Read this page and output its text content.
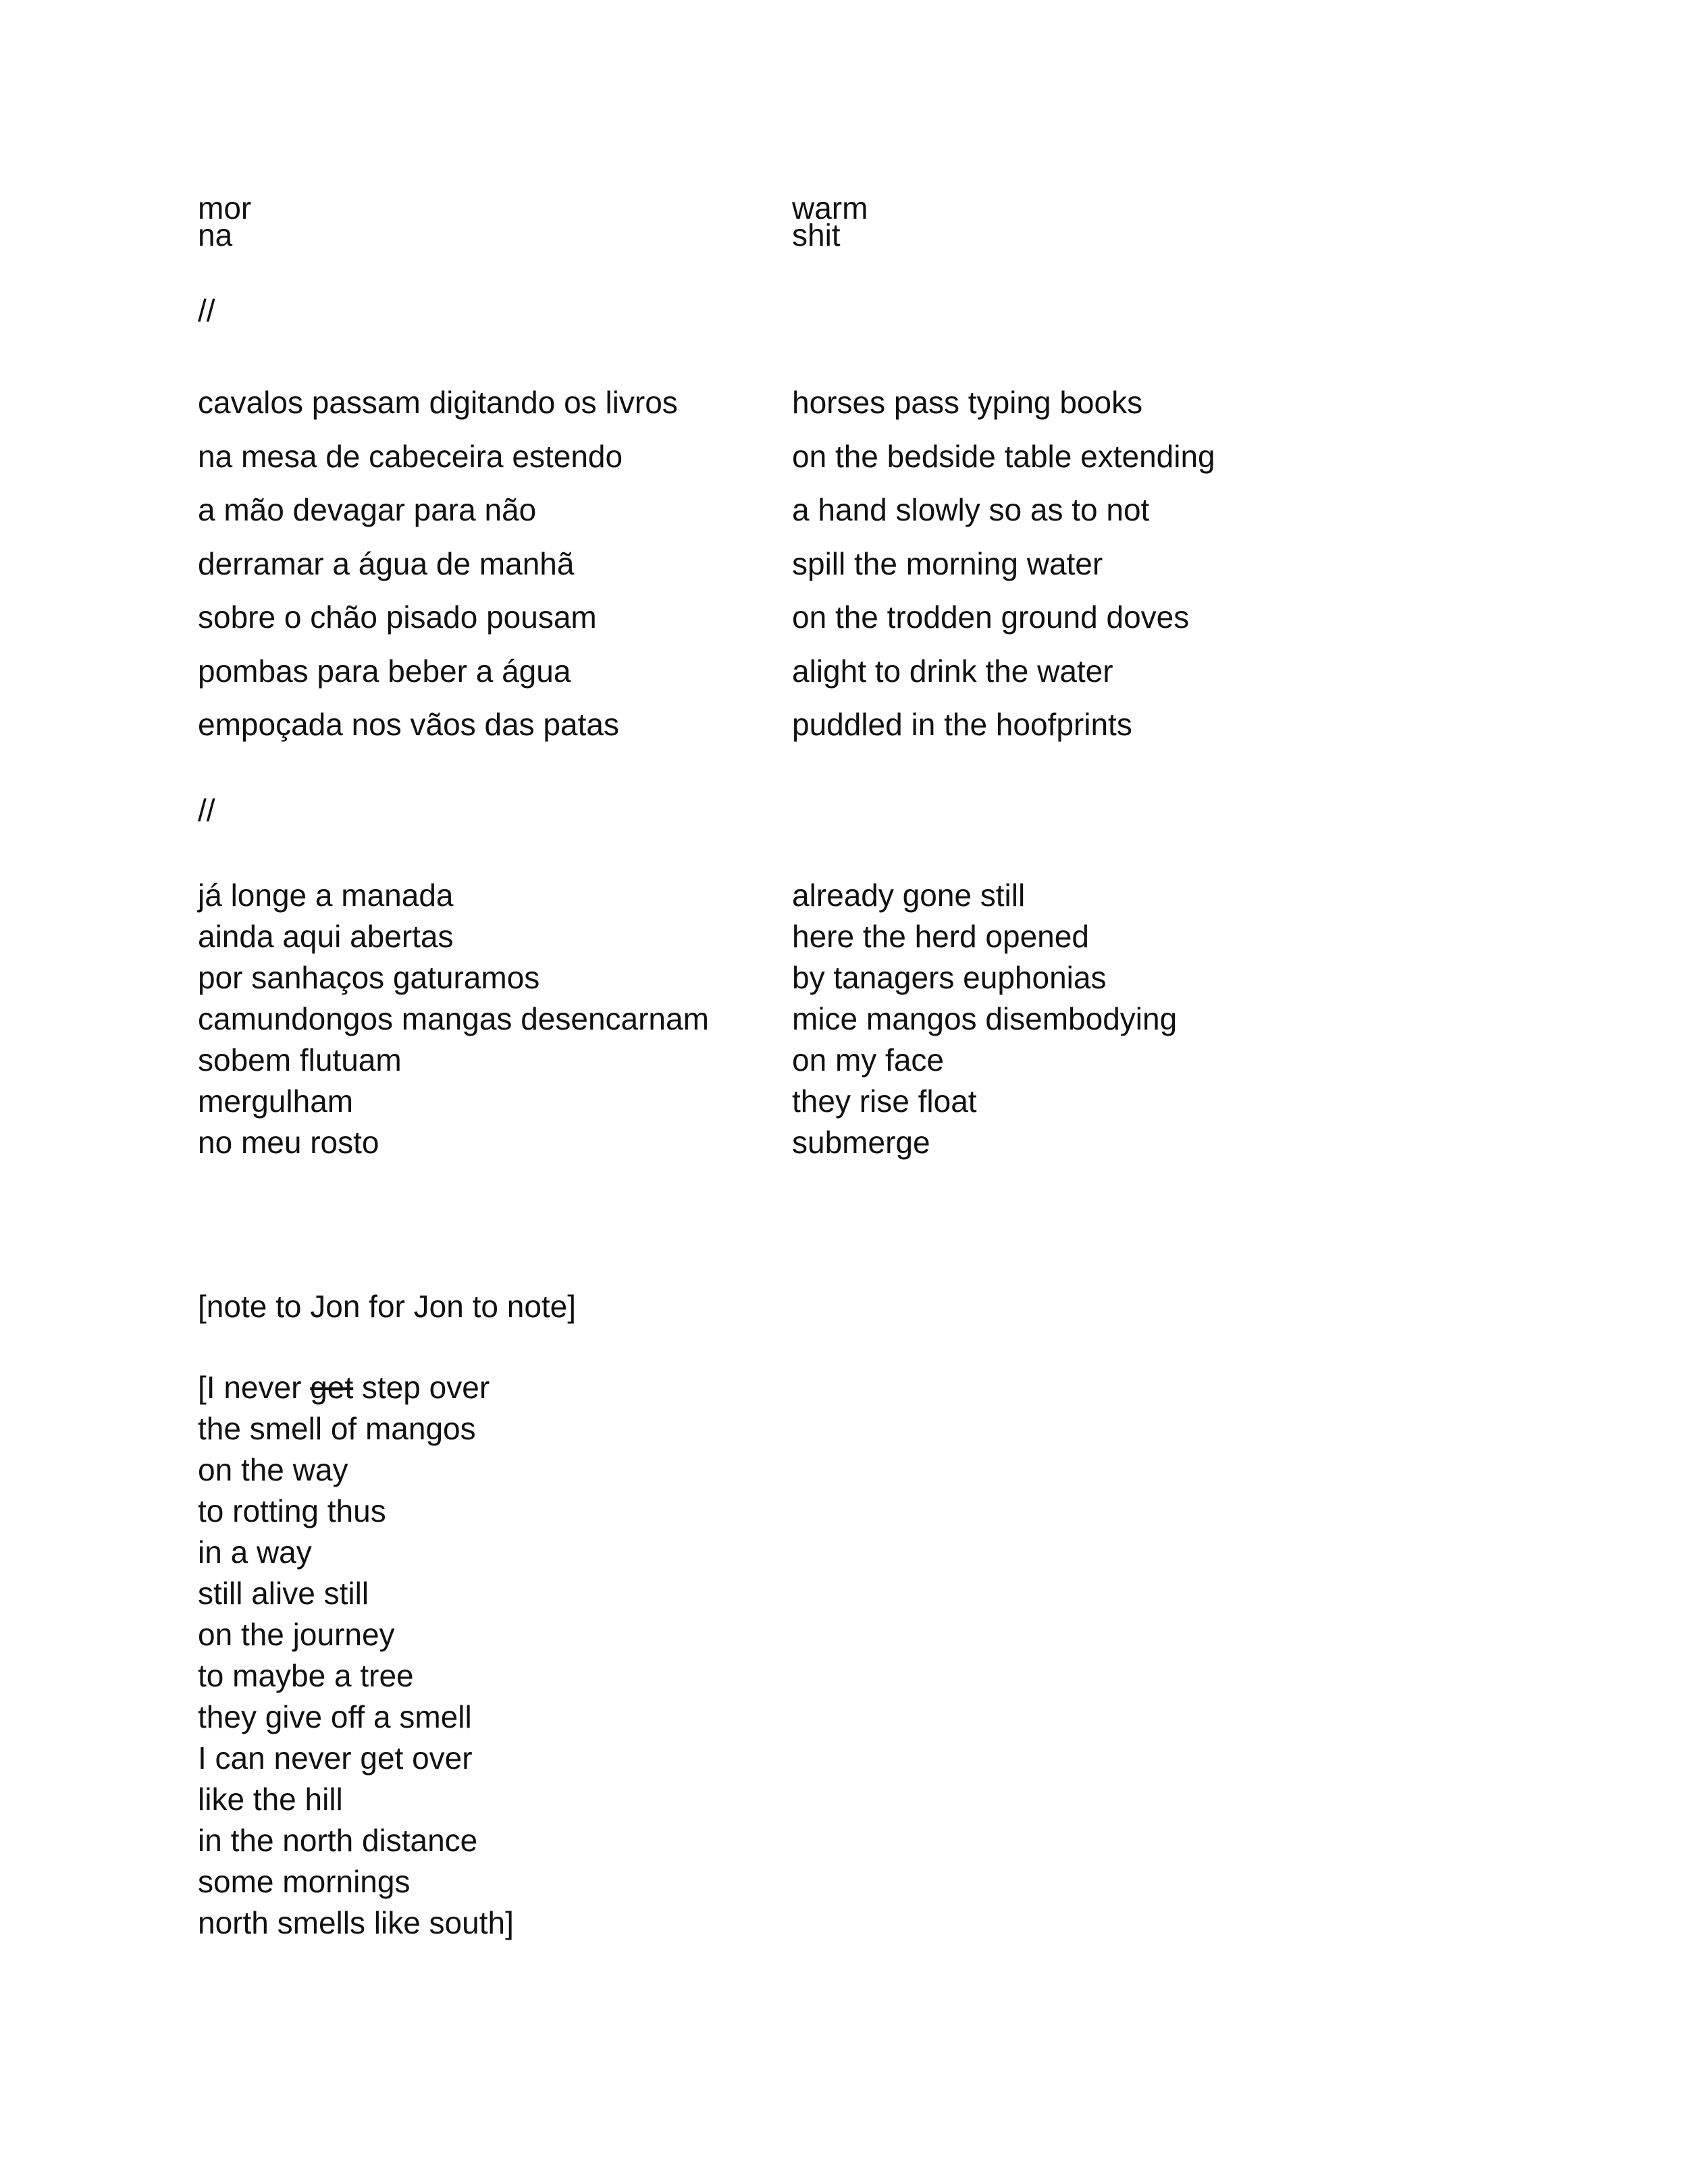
mor
na
warm
shit
//
cavalos passam digitando os livros
na mesa de cabeceira estendo
a mão devagar para não
derramar a água de manhã
sobre o chão pisado pousam
pombas para beber a água
empoçada nos vãos das patas
horses pass typing books
on the bedside table extending
a hand slowly so as to not
spill the morning water
on the trodden ground doves
alight to drink the water
puddled in the hoofprints
//
já longe a manada
ainda aqui abertas
por sanhaços gaturamos
camundongos mangas desencarnam
sobem flutuam
mergulham
no meu rosto
already gone still
here the herd opened
by tanagers euphonias
mice mangos disembodying
on my face
they rise float
submerge
[note to Jon for Jon to note]
[I never get step over
the smell of mangos
on the way
to rotting thus
in a way
still alive still
on the journey
to maybe a tree
they give off a smell
I can never get over
like the hill
in the north distance
some mornings
north smells like south]
